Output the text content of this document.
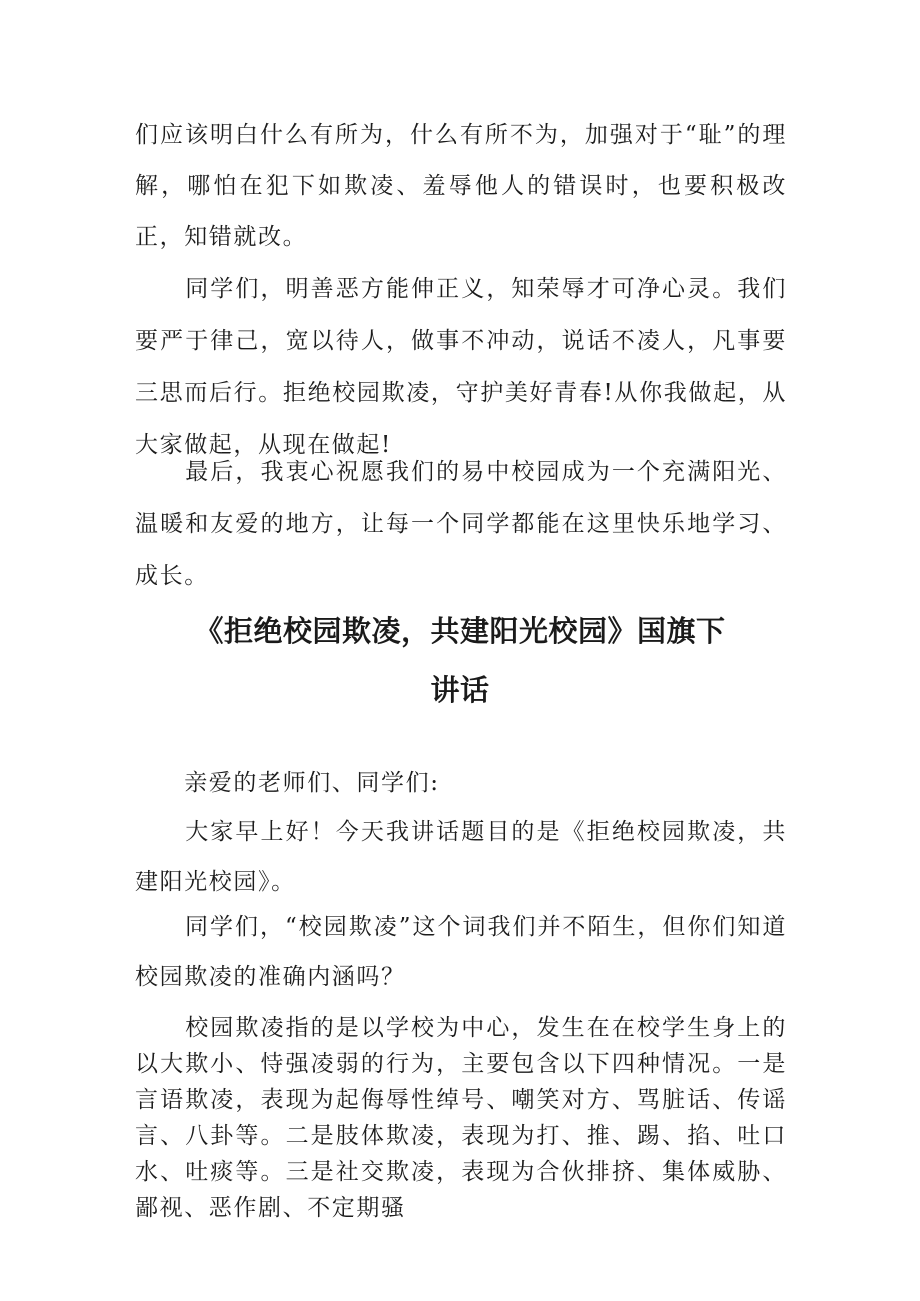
们应该明白什么有所为，什么有所不为，加强对于“耻”的理解，哪怕在犯下如欺凌、羞辱他人的错误时，也要积极改正，知错就改。

　　同学们，明善恶方能伸正义，知荣辱才可净心灵。我们要严于律己，宽以待人，做事不冲动，说话不凌人，凡事要三思而后行。拒绝校园欺凌，守护美好青春!从你我做起，从大家做起，从现在做起!

　　最后，我衷心祝愿我们的易中校园成为一个充满阳光、温暖和友爱的地方，让每一个同学都能在这里快乐地学习、成长。

《拒绝校园欺凌，共建阳光校园》国旗下
讲话

　　亲爱的老师们、同学们:

　　大家早上好！今天我讲话题目的是《拒绝校园欺凌，共建阳光校园》。

　　同学们，“校园欺凌”这个词我们并不陌生，但你们知道校园欺凌的准确内涵吗？

　　校园欺凌指的是以学校为中心，发生在在校学生身上的以大欺小、恃强凌弱的行为，主要包含以下四种情况。一是言语欺凌，表现为起侮辱性绰号、嘲笑对方、骂脏话、传谣言、八卦等。二是肢体欺凌，表现为打、推、踢、掐、吐口水、吐痰等。三是社交欺凌，表现为合伙排挤、集体威胁、鄙视、恶作剧、不定期骚
